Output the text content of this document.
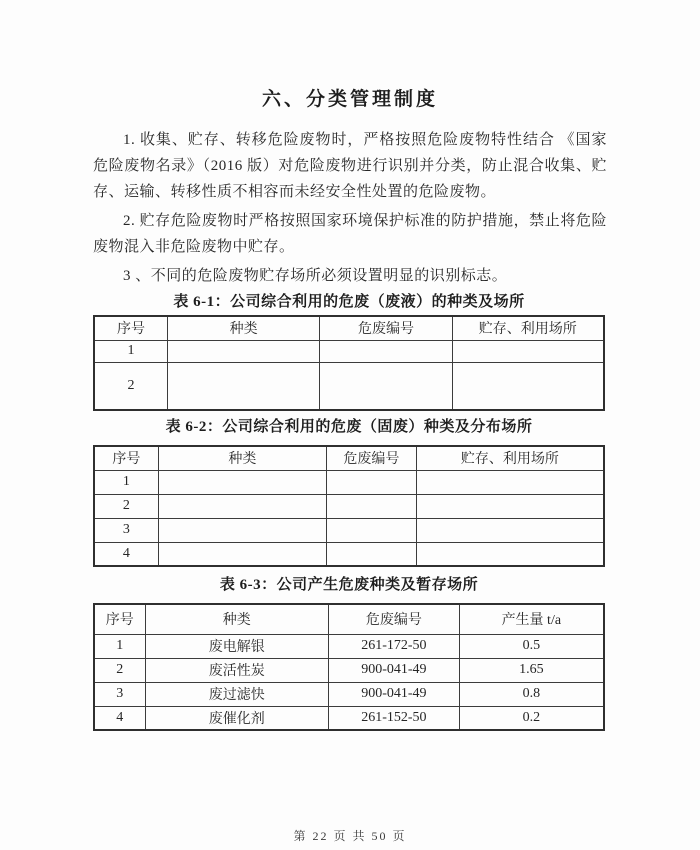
六、分类管理制度

1. 收集、贮存、转移危险废物时，严格按照危险废物特性结合 《国家危险废物名录》（2016 版）对危险废物进行识别并分类，防止混合收集、贮存、运输、转移性质不相容而未经安全性处置的危险废物。

2. 贮存危险废物时严格按照国家环境保护标准的防护措施，禁止将危险废物混入非危险废物中贮存。

3 、不同的危险废物贮存场所必须设置明显的识别标志。

表 6-1：公司综合利用的危废（废液）的种类及场所
序号	种类	危废编号	贮存、利用场所
1			
2			
表 6-2：公司综合利用的危废（固废）种类及分布场所
序号	种类	危废编号	贮存、利用场所
1			
2			
3			
4			
表 6-3：公司产生危废种类及暂存场所
序号	种类	危废编号	产生量 t/a
1	废电解银	261-172-50	0.5
2	废活性炭	900-041-49	1.65
3	废过滤快	900-041-49	0.8
4	废催化剂	261-152-50	0.2
第 22 页 共 50 页
